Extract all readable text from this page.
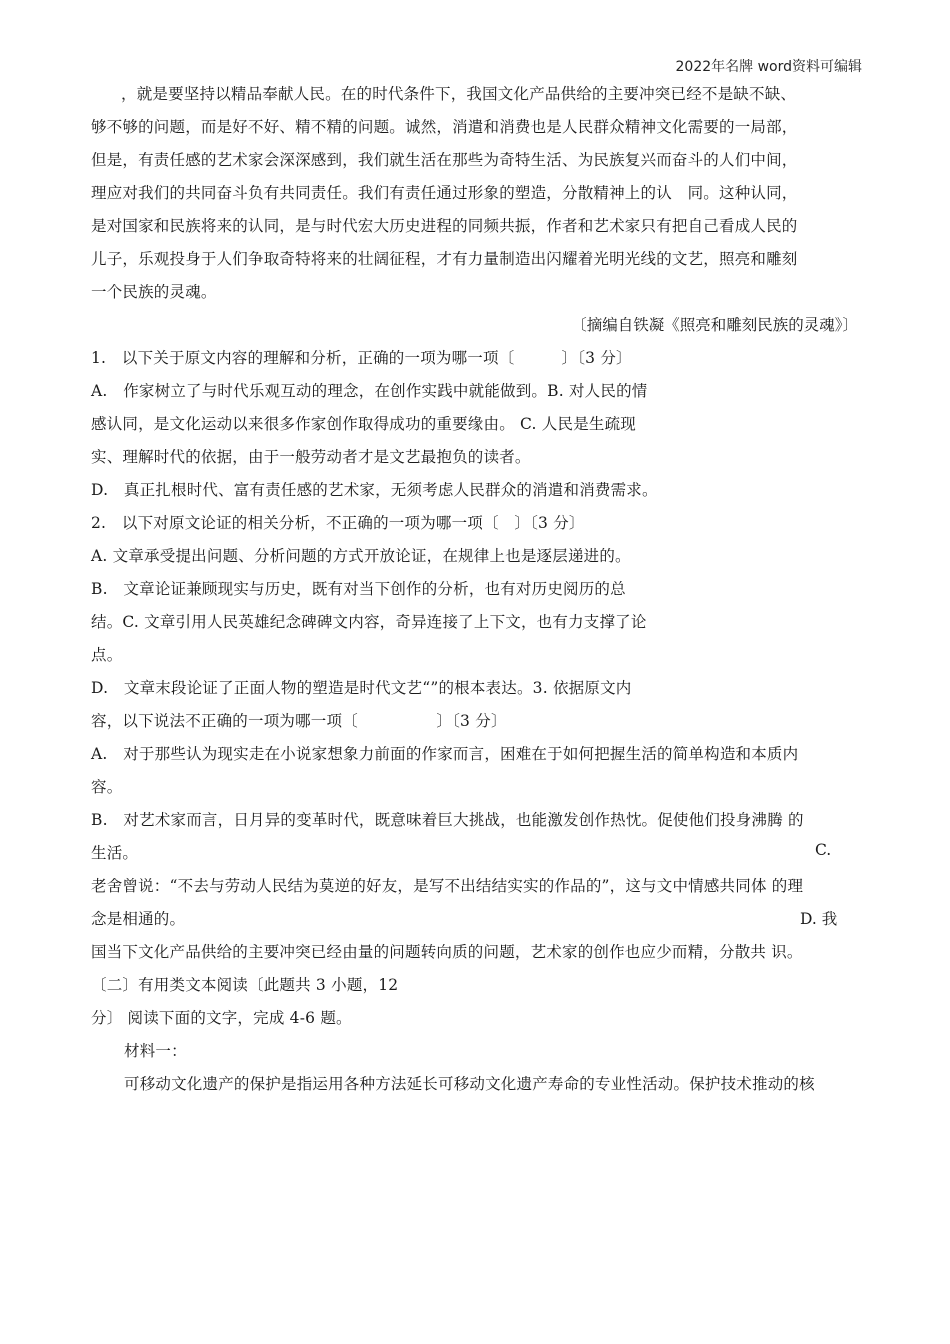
2022年名牌 word资料可编辑
，就是要坚持以精品奉献人民。在的时代条件下，我国文化产品供给的主要冲突已经不是缺不缺、
够不够的问题，而是好不好、精不精的问题。诚然，消遣和消费也是人民群众精神文化需要的一局部，
但是，有责任感的艺术家会深深感到，我们就生活在那些为奇特生活、为民族复兴而奋斗的人们中间，
理应对我们的共同奋斗负有共同责任。我们有责任通过形象的塑造，分散精神上的认　同。这种认同，
是对国家和民族将来的认同，是与时代宏大历史进程的同频共振，作者和艺术家只有把自己看成人民的
儿子，乐观投身于人们争取奇特将来的壮阔征程，才有力量制造出闪耀着光明光线的文艺，照亮和雕刻
一个民族的灵魂。
〔摘编自铁凝《照亮和雕刻民族的灵魂》〕
1.　以下关于原文内容的理解和分析，正确的一项为哪一项〔　　　〕〔3 分〕
A.　作家树立了与时代乐观互动的理念，在创作实践中就能做到。B. 对人民的情
感认同，是文化运动以来很多作家创作取得成功的重要缘由。 C. 人民是生疏现
实、理解时代的依据，由于一般劳动者才是文艺最抱负的读者。
D.　真正扎根时代、富有责任感的艺术家，无须考虑人民群众的消遣和消费需求。
2.　以下对原文论证的相关分析，不正确的一项为哪一项〔　〕〔3 分〕
A. 文章承受提出问题、分析问题的方式开放论证，在规律上也是逐层递进的。
B.　文章论证兼顾现实与历史，既有对当下创作的分析，也有对历史阅历的总
结。C. 文章引用人民英雄纪念碑碑文内容，奇异连接了上下文，也有力支撑了论
点。
D.　文章末段论证了正面人物的塑造是时代文艺“”的根本表达。3. 依据原文内
容，以下说法不正确的一项为哪一项〔　　　　　〕〔3 分〕
A.　对于那些认为现实走在小说家想象力前面的作家而言，困难在于如何把握生活的简单构造和本质内
容。
B.　对艺术家而言，日月异的变革时代，既意味着巨大挑战，也能激发创作热忱。促使他们投身沸腾 的
生活。	C.
老舍曾说：“不去与劳动人民结为莫逆的好友，是写不出结结实实的作品的”，这与文中情感共同体 的理
念是相通的。	D. 我
国当下文化产品供给的主要冲突已经由量的问题转向质的问题，艺术家的创作也应少而精，分散共 识。
〔二〕有用类文本阅读〔此题共 3 小题，12
分〕 阅读下面的文字，完成 4-6 题。
材料一：
可移动文化遗产的保护是指运用各种方法延长可移动文化遗产寿命的专业性活动。保护技术推动的核
